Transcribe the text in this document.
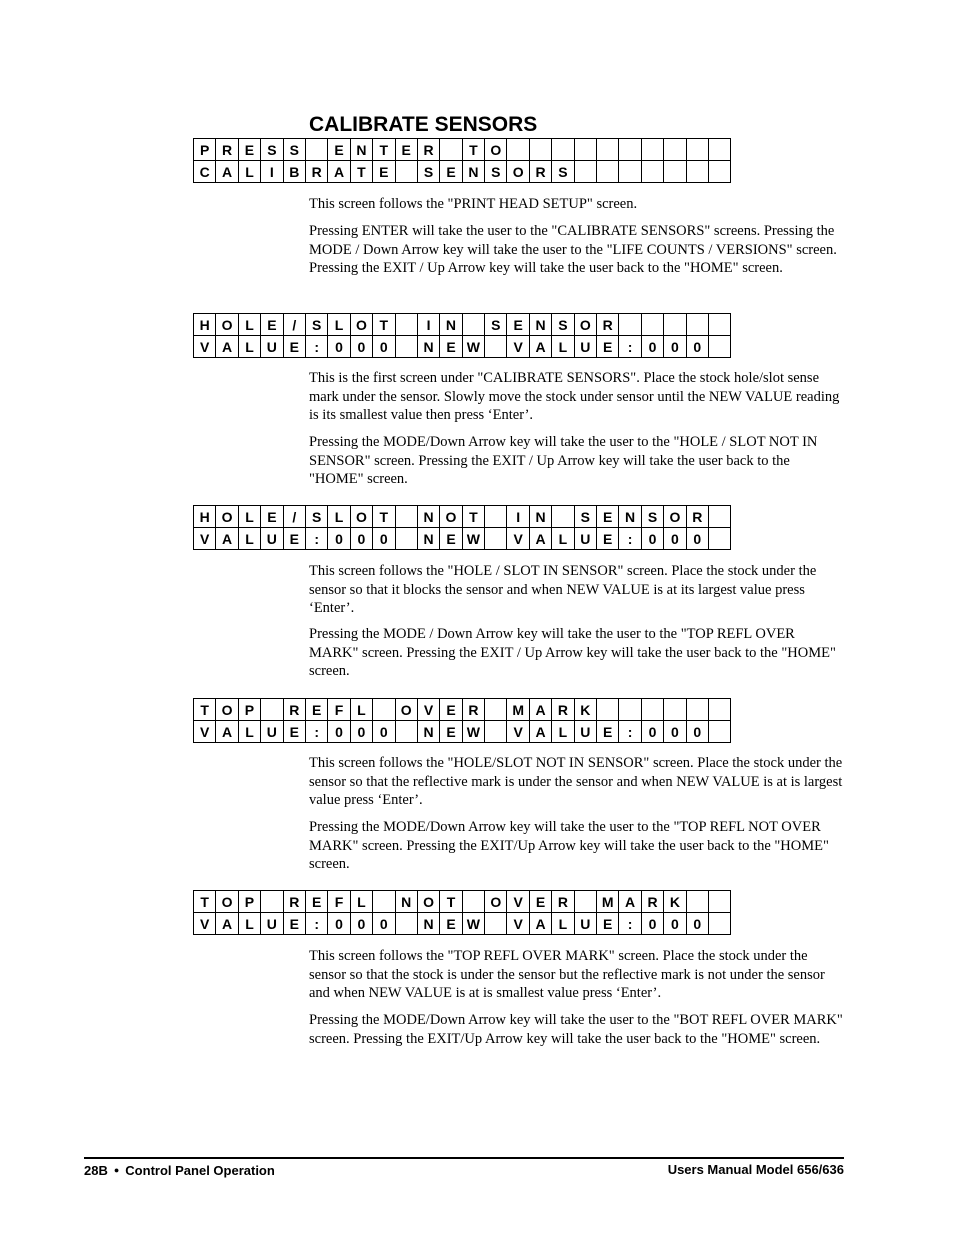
CALIBRATE SENSORS
P	R	E	S	S		E	N	T	E	R		T	O										
C	A	L	I	B	R	A	T	E		S	E	N	S	O	R	S							

This screen follows the "PRINT HEAD SETUP" screen.

Pressing ENTER will take the user to the "CALIBRATE SENSORS" screens. Pressing the MODE / Down Arrow key will take the user to the "LIFE COUNTS / VERSIONS" screen. Pressing the EXIT / Up Arrow key will take the user back to the "HOME" screen.

H	O	L	E	/	S	L	O	T		I	N		S	E	N	S	O	R					
V	A	L	U	E	:	0	0	0		N	E	W		V	A	L	U	E	:	0	0	0	

This is the first screen under "CALIBRATE SENSORS". Place the stock hole/slot sense mark under the sensor. Slowly move the stock under sensor until the NEW VALUE reading is its smallest value then press ‘Enter’.

Pressing the MODE/Down Arrow key will take the user to the "HOLE / SLOT NOT IN SENSOR" screen. Pressing the EXIT / Up Arrow key will take the user back to the "HOME" screen.

H	O	L	E	/	S	L	O	T		N	O	T		I	N		S	E	N	S	O	R	
V	A	L	U	E	:	0	0	0		N	E	W		V	A	L	U	E	:	0	0	0	

This screen follows the "HOLE / SLOT IN SENSOR" screen. Place the stock under the sensor so that it blocks the sensor and when NEW VALUE is at its largest value press ‘Enter’.

Pressing the MODE / Down Arrow key will take the user to the "TOP REFL OVER MARK" screen. Pressing the EXIT / Up Arrow key will take the user back to the "HOME" screen.

T	O	P		R	E	F	L		O	V	E	R		M	A	R	K						
V	A	L	U	E	:	0	0	0		N	E	W		V	A	L	U	E	:	0	0	0	

This screen follows the "HOLE/SLOT NOT IN SENSOR" screen. Place the stock under the sensor so that the reflective mark is under the sensor and when NEW VALUE is at is largest value press ‘Enter’.

Pressing the MODE/Down Arrow key will take the user to the "TOP REFL NOT OVER MARK" screen. Pressing the EXIT/Up Arrow key will take the user back to the "HOME" screen.

T	O	P		R	E	F	L		N	O	T		O	V	E	R		M	A	R	K		
V	A	L	U	E	:	0	0	0		N	E	W		V	A	L	U	E	:	0	0	0	

This screen follows the "TOP REFL OVER MARK" screen. Place the stock under the sensor so that the stock is under the sensor but the reflective mark is not under the sensor and when NEW VALUE is at is smallest value press ‘Enter’.

Pressing the MODE/Down Arrow key will take the user to the "BOT REFL OVER MARK" screen. Pressing the EXIT/Up Arrow key will take the user back to the "HOME" screen.

28B ● Control Panel Operation	Users Manual Model 656/636
